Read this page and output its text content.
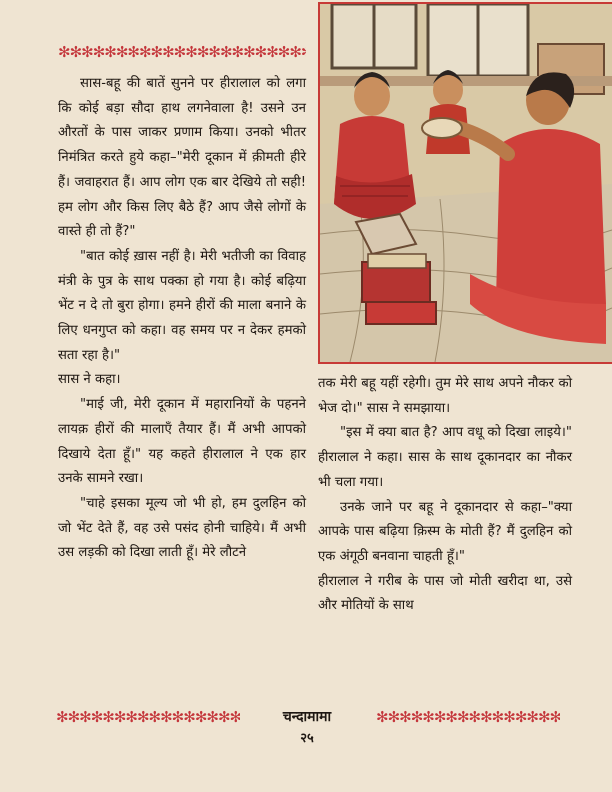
✻✻✻✻✻✻✻✻✻✻✻✻✻✻✻✻✻✻✻✻✻✻

सास-बहू की बातें सुनने पर हीरालाल को लगा कि कोई बड़ा सौदा हाथ लगनेवाला है! उसने उन औरतों के पास जाकर प्रणाम किया। उनको भीतर निमंत्रित करते हुये कहा–"मेरी दूकान में क़ीमती हीरे हैं। जवाहरात हैं। आप लोग एक बार देखिये तो सही! हम लोग और किस लिए बैठे हैं? आप जैसे लोगों के वास्ते ही तो हैं?"

"बात कोई ख़ास नहीं है। मेरी भतीजी का विवाह मंत्री के पुत्र के साथ पक्का हो गया है। कोई बढ़िया भेंट न दे तो बुरा होगा। हमने हीरों की माला बनाने के लिए धनगुप्त को कहा। वह समय पर न देकर हमको सता रहा है।"

सास ने कहा।

"माई जी, मेरी दूकान में महारानियों के पहनने लायक़ हीरों की मालाएँ तैयार हैं। मैं अभी आपको दिखाये देता हूँ।" यह कहते हीरालाल ने एक हार उनके सामने रखा।

"चाहे इसका मूल्य जो भी हो, हम दुलहिन को जो भेंट देते हैं, वह उसे पसंद होनी चाहिये। मैं अभी उस लड़की को दिखा लाती हूँ। मेरे लौटने

तक मेरी बहू यहीं रहेगी। तुम मेरे साथ अपने नौकर को भेज दो।" सास ने समझाया।

"इस में क्या बात है? आप वधू को दिखा लाइये।" हीरालाल ने कहा। सास के साथ दूकानदार का नौकर भी चला गया।

उनके जाने पर बहू ने दूकानदार से कहा–"क्या आपके पास बढ़िया क़िस्म के मोती हैं? मैं दुलहिन को एक अंगूठी बनवाना चाहती हूँ।"

हीरालाल ने गरीब के पास जो मोती खरीदा था, उसे और मोतियों के साथ

✻✻✻✻✻✻✻✻✻✻✻✻✻✻✻✻✻✻✻✻✻✻
चन्दामामा
✻✻✻✻✻✻✻✻✻✻✻✻✻✻✻✻✻✻✻✻✻✻
२५
